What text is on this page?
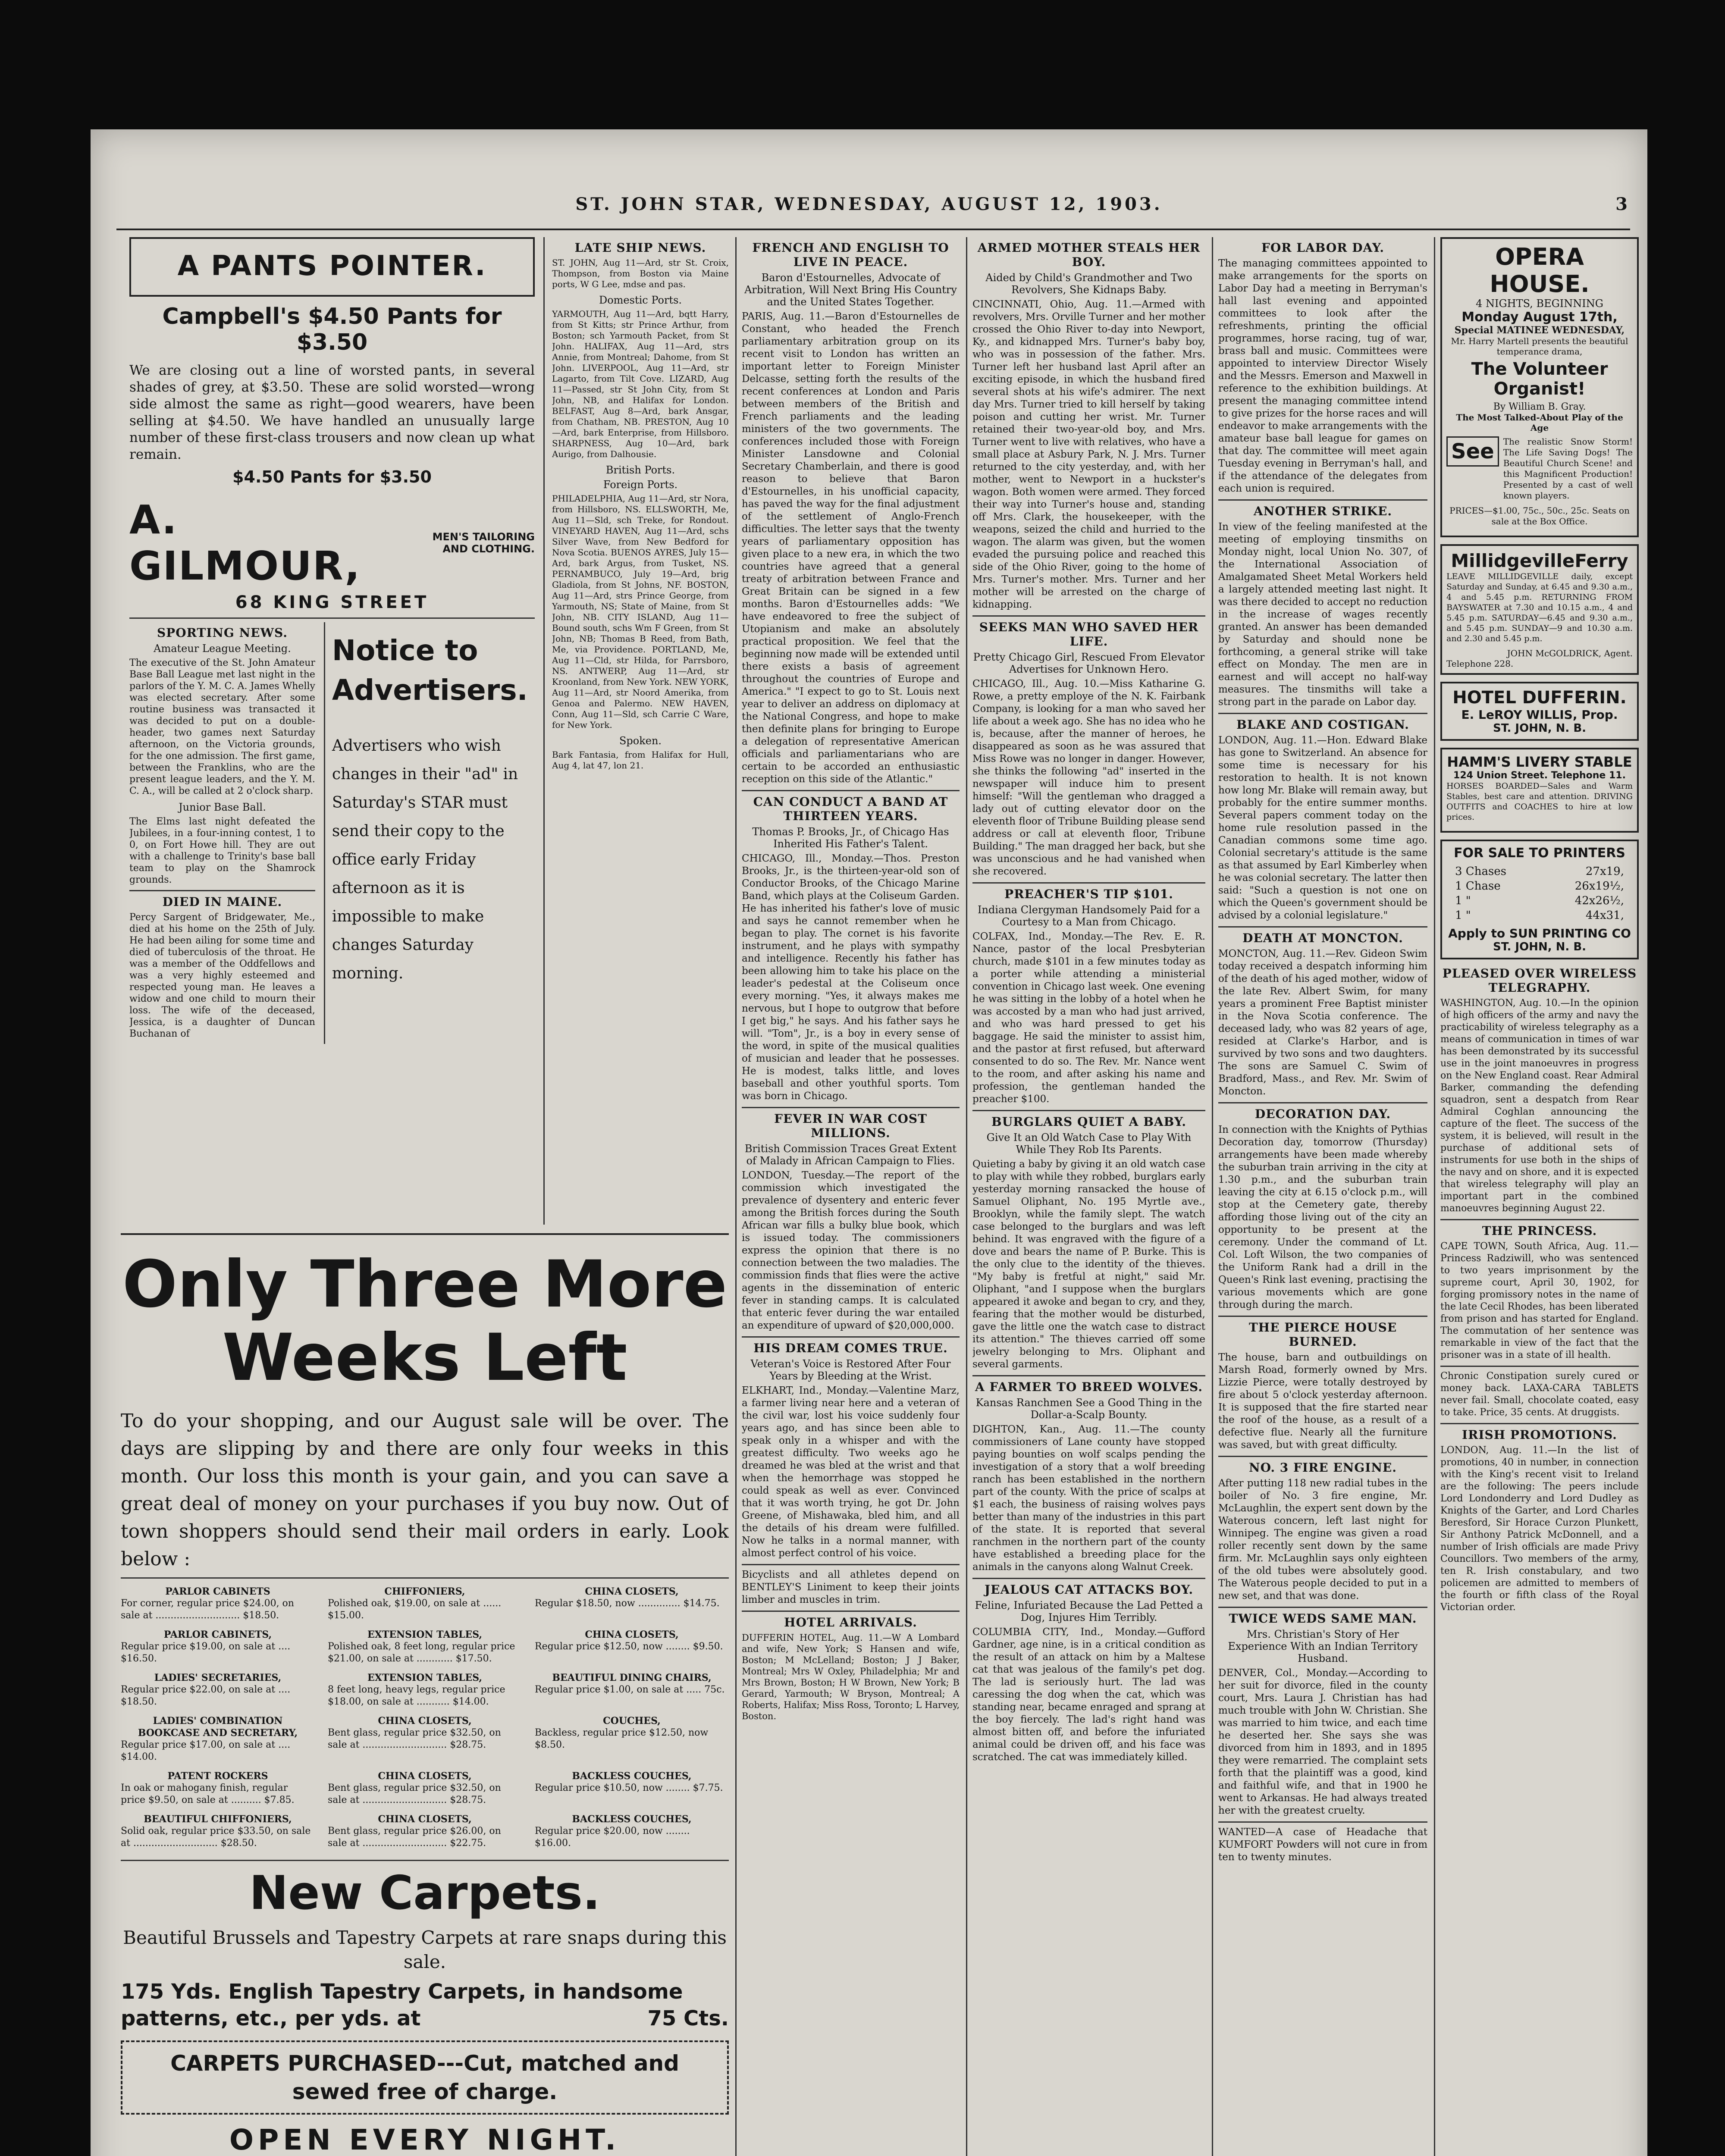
ST. JOHN STAR, WEDNESDAY, AUGUST 12, 1903.	3
A PANTS POINTER.
Campbell's $4.50 Pants for $3.50

We are closing out a line of worsted pants, in several shades of grey, at $3.50. These are solid worsted—wrong side almost the same as right—good wearers, have been selling at $4.50. We have handled an unusually large number of these first-class trousers and now clean up what remain.

$4.50 Pants for $3.50
A. GILMOUR,
MEN'S TAILORING AND CLOTHING.
68 KING STREET
SPORTING NEWS.
Amateur League Meeting.

The executive of the St. John Amateur Base Ball League met last night in the parlors of the Y. M. C. A. James Whelly was elected secretary. After some routine business was transacted it was decided to put on a double-header, two games next Saturday afternoon, on the Victoria grounds, for the one admission. The first game, between the Franklins, who are the present league leaders, and the Y. M. C. A., will be called at 2 o'clock sharp.

Junior Base Ball.

The Elms last night defeated the Jubilees, in a four-inning contest, 1 to 0, on Fort Howe hill. They are out with a challenge to Trinity's base ball team to play on the Shamrock grounds.

DIED IN MAINE.

Percy Sargent of Bridgewater, Me., died at his home on the 25th of July. He had been ailing for some time and died of tuberculosis of the throat. He was a member of the Oddfellows and was a very highly esteemed and respected young man. He leaves a widow and one child to mourn their loss. The wife of the deceased, Jessica, is a daughter of Duncan Buchanan of

Notice to Advertisers.

Advertisers who wish changes in their "ad" in Saturday's STAR must send their copy to the office early Friday afternoon as it is impossible to make changes Saturday morning.

LATE SHIP NEWS.

ST. JOHN, Aug 11—Ard, str St. Croix, Thompson, from Boston via Maine ports, W G Lee, mdse and pas.

Domestic Ports.

YARMOUTH, Aug 11—Ard, bqtt Harry, from St Kitts; str Prince Arthur, from Boston; sch Yarmouth Packet, from St John. HALIFAX, Aug 11—Ard, strs Annie, from Montreal; Dahome, from St John. LIVERPOOL, Aug 11—Ard, str Lagarto, from Tilt Cove. LIZARD, Aug 11—Passed, str St John City, from St John, NB, and Halifax for London. BELFAST, Aug 8—Ard, bark Ansgar, from Chatham, NB. PRESTON, Aug 10—Ard, bark Enterprise, from Hillsboro. SHARPNESS, Aug 10—Ard, bark Aurigo, from Dalhousie.

British Ports.
Foreign Ports.

PHILADELPHIA, Aug 11—Ard, str Nora, from Hillsboro, NS. ELLSWORTH, Me, Aug 11—Sld, sch Treke, for Rondout. VINEYARD HAVEN, Aug 11—Ard, schs Silver Wave, from New Bedford for Nova Scotia. BUENOS AYRES, July 15—Ard, bark Argus, from Tusket, NS. PERNAMBUCO, July 19—Ard, brig Gladiola, from St Johns, NF. BOSTON, Aug 11—Ard, strs Prince George, from Yarmouth, NS; State of Maine, from St John, NB. CITY ISLAND, Aug 11—Bound south, schs Wm F Green, from St John, NB; Thomas B Reed, from Bath, Me, via Providence. PORTLAND, Me, Aug 11—Cld, str Hilda, for Parrsboro, NS. ANTWERP, Aug 11—Ard, str Kroonland, from New York. NEW YORK, Aug 11—Ard, str Noord Amerika, from Genoa and Palermo. NEW HAVEN, Conn, Aug 11—Sld, sch Carrie C Ware, for New York.

Spoken.

Bark Fantasia, from Halifax for Hull, Aug 4, lat 47, lon 21.

Only Three More
Weeks Left

To do your shopping, and our August sale will be over. The days are slipping by and there are only four weeks in this month. Our loss this month is your gain, and you can save a great deal of money on your purchases if you buy now. Out of town shoppers should send their mail orders in early. Look below :

PARLOR CABINETS
For corner, regular price $24.00, on sale at ............................ $18.50.
CHIFFONIERS,
Polished oak, $19.00, on sale at ...... $15.00.
CHINA CLOSETS,
Regular $18.50, now .............. $14.75.
PARLOR CABINETS,
Regular price $19.00, on sale at .... $16.50.
EXTENSION TABLES,
Polished oak, 8 feet long, regular price $21.00, on sale at ............ $17.50.
CHINA CLOSETS,
Regular price $12.50, now ........ $9.50.
LADIES' SECRETARIES,
Regular price $22.00, on sale at .... $18.50.
EXTENSION TABLES,
8 feet long, heavy legs, regular price $18.00, on sale at ........... $14.00.
BEAUTIFUL DINING CHAIRS,
Regular price $1.00, on sale at ..... 75c.
LADIES' COMBINATION BOOKCASE AND SECRETARY,
Regular price $17.00, on sale at .... $14.00.
CHINA CLOSETS,
Bent glass, regular price $32.50, on sale at ............................ $28.75.
COUCHES,
Backless, regular price $12.50, now $8.50.
PATENT ROCKERS
In oak or mahogany finish, regular price $9.50, on sale at .......... $7.85.
CHINA CLOSETS,
Bent glass, regular price $32.50, on sale at ............................ $28.75.
BACKLESS COUCHES,
Regular price $10.50, now ........ $7.75.
BEAUTIFUL CHIFFONIERS,
Solid oak, regular price $33.50, on sale at ............................ $28.50.
CHINA CLOSETS,
Bent glass, regular price $26.00, on sale at ............................ $22.75.
BACKLESS COUCHES,
Regular price $20.00, now ........ $16.00.
New Carpets.

Beautiful Brussels and Tapestry Carpets at rare snaps during this sale.

175 Yds. English Tapestry Carpets, in handsome patterns, etc., per yds. at	75 Cts.
CARPETS PURCHASED---Cut, matched and sewed free of charge.
OPEN EVERY NIGHT.
FRENCH AND ENGLISH TO LIVE IN PEACE.
Baron d'Estournelles, Advocate of Arbitration, Will Next Bring His Country and the United States Together.

PARIS, Aug. 11.—Baron d'Estournelles de Constant, who headed the French parliamentary arbitration group on its recent visit to London has written an important letter to Foreign Minister Delcasse, setting forth the results of the recent conferences at London and Paris between members of the British and French parliaments and the leading ministers of the two governments. The conferences included those with Foreign Minister Lansdowne and Colonial Secretary Chamberlain, and there is good reason to believe that Baron d'Estournelles, in his unofficial capacity, has paved the way for the final adjustment of the settlement of Anglo-French difficulties. The letter says that the twenty years of parliamentary opposition has given place to a new era, in which the two countries have agreed that a general treaty of arbitration between France and Great Britain can be signed in a few months. Baron d'Estournelles adds: "We have endeavored to free the subject of Utopianism and make an absolutely practical proposition. We feel that the beginning now made will be extended until there exists a basis of agreement throughout the countries of Europe and America." "I expect to go to St. Louis next year to deliver an address on diplomacy at the National Congress, and hope to make then definite plans for bringing to Europe a delegation of representative American officials and parliamentarians who are certain to be accorded an enthusiastic reception on this side of the Atlantic."

CAN CONDUCT A BAND AT THIRTEEN YEARS.
Thomas P. Brooks, Jr., of Chicago Has Inherited His Father's Talent.

CHICAGO, Ill., Monday.—Thos. Preston Brooks, Jr., is the thirteen-year-old son of Conductor Brooks, of the Chicago Marine Band, which plays at the Coliseum Garden. He has inherited his father's love of music and says he cannot remember when he began to play. The cornet is his favorite instrument, and he plays with sympathy and intelligence. Recently his father has been allowing him to take his place on the leader's pedestal at the Coliseum once every morning. "Yes, it always makes me nervous, but I hope to outgrow that before I get big," he says. And his father says he will. "Tom", Jr., is a boy in every sense of the word, in spite of the musical qualities of musician and leader that he possesses. He is modest, talks little, and loves baseball and other youthful sports. Tom was born in Chicago.

FEVER IN WAR COST MILLIONS.
British Commission Traces Great Extent of Malady in African Campaign to Flies.

LONDON, Tuesday.—The report of the commission which investigated the prevalence of dysentery and enteric fever among the British forces during the South African war fills a bulky blue book, which is issued today. The commissioners express the opinion that there is no connection between the two maladies. The commission finds that flies were the active agents in the dissemination of enteric fever in standing camps. It is calculated that enteric fever during the war entailed an expenditure of upward of $20,000,000.

HIS DREAM COMES TRUE.
Veteran's Voice is Restored After Four Years by Bleeding at the Wrist.

ELKHART, Ind., Monday.—Valentine Marz, a farmer living near here and a veteran of the civil war, lost his voice suddenly four years ago, and has since been able to speak only in a whisper and with the greatest difficulty. Two weeks ago he dreamed he was bled at the wrist and that when the hemorrhage was stopped he could speak as well as ever. Convinced that it was worth trying, he got Dr. John Greene, of Mishawaka, bled him, and all the details of his dream were fulfilled. Now he talks in a normal manner, with almost perfect control of his voice.

Bicyclists and all athletes depend on BENTLEY'S Liniment to keep their joints limber and muscles in trim.

HOTEL ARRIVALS.

DUFFERIN HOTEL, Aug. 11.—W A Lombard and wife, New York; S Hansen and wife, Boston; M McLelland; Boston; J J Baker, Montreal; Mrs W Oxley, Philadelphia; Mr and Mrs Brown, Boston; H W Brown, New York; B Gerard, Yarmouth; W Bryson, Montreal; A Roberts, Halifax; Miss Ross, Toronto; L Harvey, Boston.

ARMED MOTHER STEALS HER BOY.
Aided by Child's Grandmother and Two Revolvers, She Kidnaps Baby.

CINCINNATI, Ohio, Aug. 11.—Armed with revolvers, Mrs. Orville Turner and her mother crossed the Ohio River to-day into Newport, Ky., and kidnapped Mrs. Turner's baby boy, who was in possession of the father. Mrs. Turner left her husband last April after an exciting episode, in which the husband fired several shots at his wife's admirer. The next day Mrs. Turner tried to kill herself by taking poison and cutting her wrist. Mr. Turner retained their two-year-old boy, and Mrs. Turner went to live with relatives, who have a small place at Asbury Park, N. J. Mrs. Turner returned to the city yesterday, and, with her mother, went to Newport in a huckster's wagon. Both women were armed. They forced their way into Turner's house and, standing off Mrs. Clark, the housekeeper, with the weapons, seized the child and hurried to the wagon. The alarm was given, but the women evaded the pursuing police and reached this side of the Ohio River, going to the home of Mrs. Turner's mother. Mrs. Turner and her mother will be arrested on the charge of kidnapping.

SEEKS MAN WHO SAVED HER LIFE.
Pretty Chicago Girl, Rescued From Elevator Advertises for Unknown Hero.

CHICAGO, Ill., Aug. 10.—Miss Katharine G. Rowe, a pretty employe of the N. K. Fairbank Company, is looking for a man who saved her life about a week ago. She has no idea who he is, because, after the manner of heroes, he disappeared as soon as he was assured that Miss Rowe was no longer in danger. However, she thinks the following "ad" inserted in the newspaper will induce him to present himself: "Will the gentleman who dragged a lady out of cutting elevator door on the eleventh floor of Tribune Building please send address or call at eleventh floor, Tribune Building." The man dragged her back, but she was unconscious and he had vanished when she recovered.

PREACHER'S TIP $101.
Indiana Clergyman Handsomely Paid for a Courtesy to a Man from Chicago.

COLFAX, Ind., Monday.—The Rev. E. R. Nance, pastor of the local Presbyterian church, made $101 in a few minutes today as a porter while attending a ministerial convention in Chicago last week. One evening he was sitting in the lobby of a hotel when he was accosted by a man who had just arrived, and who was hard pressed to get his baggage. He said the minister to assist him, and the pastor at first refused, but afterward consented to do so. The Rev. Mr. Nance went to the room, and after asking his name and profession, the gentleman handed the preacher $100.

BURGLARS QUIET A BABY.
Give It an Old Watch Case to Play With While They Rob Its Parents.

Quieting a baby by giving it an old watch case to play with while they robbed, burglars early yesterday morning ransacked the house of Samuel Oliphant, No. 195 Myrtle ave., Brooklyn, while the family slept. The watch case belonged to the burglars and was left behind. It was engraved with the figure of a dove and bears the name of P. Burke. This is the only clue to the identity of the thieves. "My baby is fretful at night," said Mr. Oliphant, "and I suppose when the burglars appeared it awoke and began to cry, and they, fearing that the mother would be disturbed, gave the little one the watch case to distract its attention." The thieves carried off some jewelry belonging to Mrs. Oliphant and several garments.

A FARMER TO BREED WOLVES.
Kansas Ranchmen See a Good Thing in the Dollar-a-Scalp Bounty.

DIGHTON, Kan., Aug. 11.—The county commissioners of Lane county have stopped paying bounties on wolf scalps pending the investigation of a story that a wolf breeding ranch has been established in the northern part of the county. With the price of scalps at $1 each, the business of raising wolves pays better than many of the industries in this part of the state. It is reported that several ranchmen in the northern part of the county have established a breeding place for the animals in the canyons along Walnut Creek.

JEALOUS CAT ATTACKS BOY.
Feline, Infuriated Because the Lad Petted a Dog, Injures Him Terribly.

COLUMBIA CITY, Ind., Monday.—Gufford Gardner, age nine, is in a critical condition as the result of an attack on him by a Maltese cat that was jealous of the family's pet dog. The lad is seriously hurt. The lad was caressing the dog when the cat, which was standing near, became enraged and sprang at the boy fiercely. The lad's right hand was almost bitten off, and before the infuriated animal could be driven off, and his face was scratched. The cat was immediately killed.

FOR LABOR DAY.

The managing committees appointed to make arrangements for the sports on Labor Day had a meeting in Berryman's hall last evening and appointed committees to look after the refreshments, printing the official programmes, horse racing, tug of war, brass ball and music. Committees were appointed to interview Director Wisely and the Messrs. Emerson and Maxwell in reference to the exhibition buildings. At present the managing committee intend to give prizes for the horse races and will endeavor to make arrangements with the amateur base ball league for games on that day. The committee will meet again Tuesday evening in Berryman's hall, and if the attendance of the delegates from each union is required.

ANOTHER STRIKE.

In view of the feeling manifested at the meeting of employing tinsmiths on Monday night, local Union No. 307, of the International Association of Amalgamated Sheet Metal Workers held a largely attended meeting last night. It was there decided to accept no reduction in the increase of wages recently granted. An answer has been demanded by Saturday and should none be forthcoming, a general strike will take effect on Monday. The men are in earnest and will accept no half-way measures. The tinsmiths will take a strong part in the parade on Labor day.

BLAKE AND COSTIGAN.

LONDON, Aug. 11.—Hon. Edward Blake has gone to Switzerland. An absence for some time is necessary for his restoration to health. It is not known how long Mr. Blake will remain away, but probably for the entire summer months. Several papers comment today on the home rule resolution passed in the Canadian commons some time ago. Colonial secretary's attitude is the same as that assumed by Earl Kimberley when he was colonial secretary. The latter then said: "Such a question is not one on which the Queen's government should be advised by a colonial legislature."

DEATH AT MONCTON.

MONCTON, Aug. 11.—Rev. Gideon Swim today received a despatch informing him of the death of his aged mother, widow of the late Rev. Albert Swim, for many years a prominent Free Baptist minister in the Nova Scotia conference. The deceased lady, who was 82 years of age, resided at Clarke's Harbor, and is survived by two sons and two daughters. The sons are Samuel C. Swim of Bradford, Mass., and Rev. Mr. Swim of Moncton.

DECORATION DAY.

In connection with the Knights of Pythias Decoration day, tomorrow (Thursday) arrangements have been made whereby the suburban train arriving in the city at 1.30 p.m., and the suburban train leaving the city at 6.15 o'clock p.m., will stop at the Cemetery gate, thereby affording those living out of the city an opportunity to be present at the ceremony. Under the command of Lt. Col. Loft Wilson, the two companies of the Uniform Rank had a drill in the Queen's Rink last evening, practising the various movements which are gone through during the march.

THE PIERCE HOUSE BURNED.

The house, barn and outbuildings on Marsh Road, formerly owned by Mrs. Lizzie Pierce, were totally destroyed by fire about 5 o'clock yesterday afternoon. It is supposed that the fire started near the roof of the house, as a result of a defective flue. Nearly all the furniture was saved, but with great difficulty.

NO. 3 FIRE ENGINE.

After putting 118 new radial tubes in the boiler of No. 3 fire engine, Mr. McLaughlin, the expert sent down by the Waterous concern, left last night for Winnipeg. The engine was given a road roller recently sent down by the same firm. Mr. McLaughlin says only eighteen of the old tubes were absolutely good. The Waterous people decided to put in a new set, and that was done.

TWICE WEDS SAME MAN.
Mrs. Christian's Story of Her Experience With an Indian Territory Husband.

DENVER, Col., Monday.—According to her suit for divorce, filed in the county court, Mrs. Laura J. Christian has had much trouble with John W. Christian. She was married to him twice, and each time he deserted her. She says she was divorced from him in 1893, and in 1895 they were remarried. The complaint sets forth that the plaintiff was a good, kind and faithful wife, and that in 1900 he went to Arkansas. He had always treated her with the greatest cruelty.

WANTED—A case of Headache that KUMFORT Powders will not cure in from ten to twenty minutes.

OPERA HOUSE.
4 NIGHTS, BEGINNING
Monday August 17th,
Special MATINEE WEDNESDAY,
Mr. Harry Martell presents the beautiful temperance drama,
The Volunteer Organist!
By William B. Gray.
The Most Talked-About Play of the Age
See	The realistic Snow Storm! The Life Saving Dogs! The Beautiful Church Scene! and this Magnificent Production! Presented by a cast of well known players.

PRICES—$1.00, 75c., 50c., 25c. Seats on sale at the Box Office.

MillidgevilleFerry

LEAVE MILLIDGEVILLE daily, except Saturday and Sunday, at 6.45 and 9.30 a.m., 4 and 5.45 p.m. RETURNING FROM BAYSWATER at 7.30 and 10.15 a.m., 4 and 5.45 p.m. SATURDAY—6.45 and 9.30 a.m., and 5.45 p.m. SUNDAY—9 and 10.30 a.m. and 2.30 and 5.45 p.m.

JOHN McGOLDRICK, Agent.
Telephone 228.
HOTEL DUFFERIN.
E. LeROY WILLIS, Prop.
ST. JOHN, N. B.
HAMM'S LIVERY STABLE
124 Union Street. Telephone 11.

HORSES BOARDED—Sales and Warm Stables, best care and attention. DRIVING OUTFITS and COACHES to hire at low prices.

FOR SALE TO PRINTERS
3 Chases	27x19,
1 Chase	26x19½,
1 "	42x26½,
1 "	44x31,
Apply to SUN PRINTING CO
ST. JOHN, N. B.
PLEASED OVER WIRELESS TELEGRAPHY.

WASHINGTON, Aug. 10.—In the opinion of high officers of the army and navy the practicability of wireless telegraphy as a means of communication in times of war has been demonstrated by its successful use in the joint manoeuvres in progress on the New England coast. Rear Admiral Barker, commanding the defending squadron, sent a despatch from Rear Admiral Coghlan announcing the capture of the fleet. The success of the system, it is believed, will result in the purchase of additional sets of instruments for use both in the ships of the navy and on shore, and it is expected that wireless telegraphy will play an important part in the combined manoeuvres beginning August 22.

THE PRINCESS.

CAPE TOWN, South Africa, Aug. 11.—Princess Radziwill, who was sentenced to two years imprisonment by the supreme court, April 30, 1902, for forging promissory notes in the name of the late Cecil Rhodes, has been liberated from prison and has started for England. The commutation of her sentence was remarkable in view of the fact that the prisoner was in a state of ill health.

Chronic Constipation surely cured or money back. LAXA-CARA TABLETS never fail. Small, chocolate coated, easy to take. Price, 35 cents. At druggists.

IRISH PROMOTIONS.

LONDON, Aug. 11.—In the list of promotions, 40 in number, in connection with the King's recent visit to Ireland are the following: The peers include Lord Londonderry and Lord Dudley as Knights of the Garter, and Lord Charles Beresford, Sir Horace Curzon Plunkett, Sir Anthony Patrick McDonnell, and a number of Irish officials are made Privy Councillors. Two members of the army, ten R. Irish constabulary, and two policemen are admitted to members of the fourth or fifth class of the Royal Victorian order.
